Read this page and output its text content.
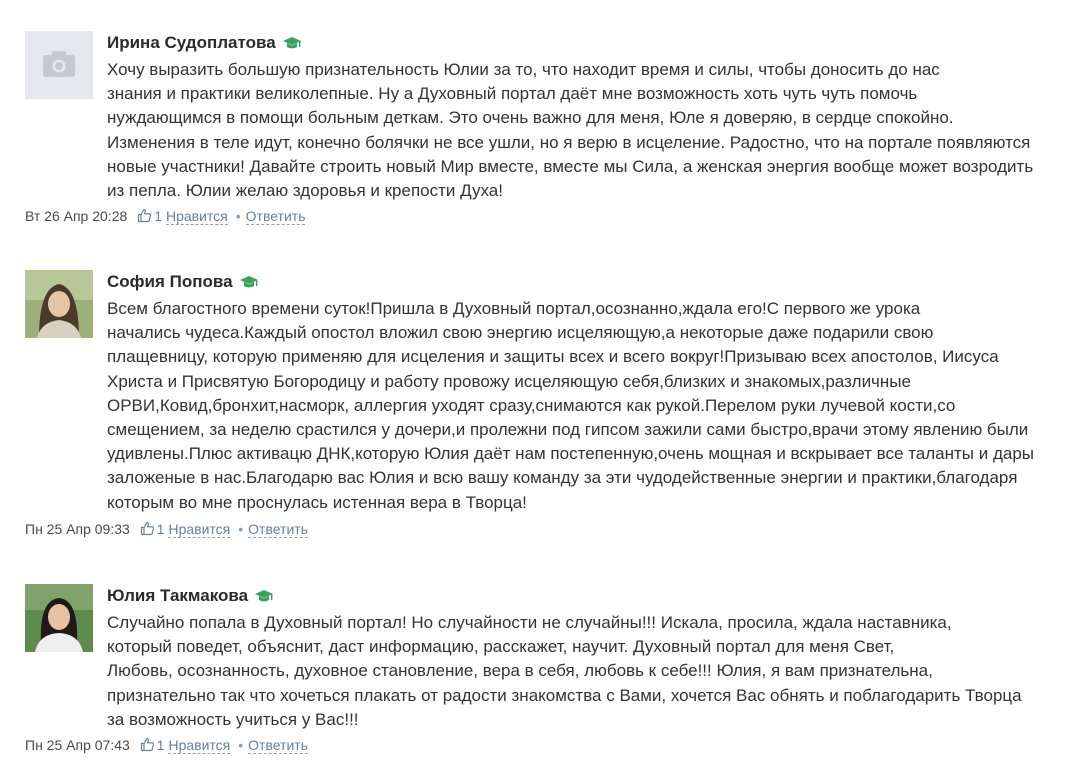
Ирина Судоплатова
Хочу выразить большую признательность Юлии за то, что находит время и силы, чтобы доносить до нас
знания и практики великолепные. Ну а Духовный портал даёт мне возможность хоть чуть чуть помочь
нуждающимся в помощи больным деткам. Это очень важно для меня, Юле я доверяю, в сердце спокойно.
Изменения в теле идут, конечно болячки не все ушли, но я верю в исцеление. Радостно, что на портале появляются
новые участники! Давайте строить новый Мир вместе, вместе мы Сила, а женская энергия вообще может возродить
из пепла. Юлии желаю здоровья и крепости Духа!
Вт 26 Апр 20:28 1 Нравится • Ответить
София Попова
Всем благостного времени суток!Пришла в Духовный портал,осознанно,ждала его!С первого же урока
начались чудеса.Каждый опостол вложил свою энергию исцеляющую,а некоторые даже подарили свою
плащевницу, которую применяю для исцеления и защиты всех и всего вокруг!Призываю всех апостолов, Иисуса
Христа и Присвятую Богородицу и работу провожу исцеляющую себя,близких и знакомых,различные
ОРВИ,Ковид,бронхит,насморк, аллергия уходят сразу,снимаются как рукой.Перелом руки лучевой кости,со
смещением, за неделю срастился у дочери,и пролежни под гипсом зажили сами быстро,врачи этому явлению были
удивлены.Плюс активацю ДНК,которую Юлия даёт нам постепенную,очень мощная и вскрывает все таланты и дары
заложеные в нас.Благодарю вас Юлия и всю вашу команду за эти чудодейственные энергии и практики,благодаря
которым во мне проснулась истенная вера в Творца!
Пн 25 Апр 09:33 1 Нравится • Ответить
Юлия Такмакова
Случайно попала в Духовный портал! Но случайности не случайны!!! Искала, просила, ждала наставника,
который поведет, объяснит, даст информацию, расскажет, научит. Духовный портал для меня Свет,
Любовь, осознанность, духовное становление, вера в себя, любовь к себе!!! Юлия, я вам признательна,
признательно так что хочеться плакать от радости знакомства с Вами, хочется Вас обнять и поблагодарить Творца
за возможность учиться у Вас!!!
Пн 25 Апр 07:43 1 Нравится • Ответить
